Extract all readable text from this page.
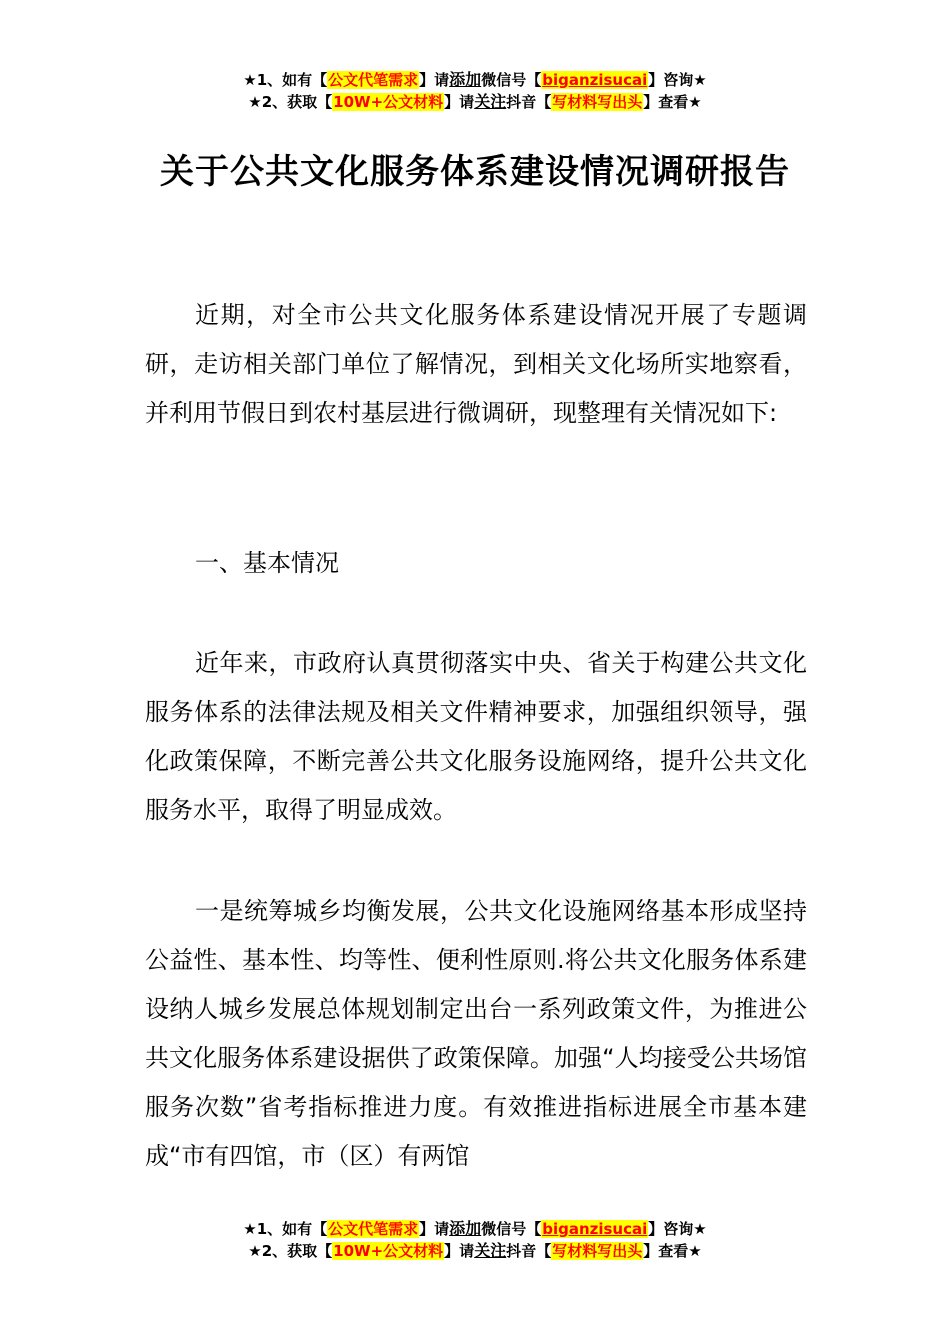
★1、如有【公文代笔需求】请添加微信号【biganzisucai】咨询★
★2、获取【10W+公文材料】请关注抖音【写材料写出头】查看★
关于公共文化服务体系建设情况调研报告

近期，对全市公共文化服务体系建设情况开展了专题调研，走访相关部门单位了解情况，到相关文化场所实地察看，并利用节假日到农村基层进行微调研，现整理有关情况如下:

一、基本情况

近年来，市政府认真贯彻落实中央、省关于构建公共文化服务体系的法律法规及相关文件精神要求，加强组织领导，强化政策保障，不断完善公共文化服务设施网络，提升公共文化服务水平，取得了明显成效。

一是统筹城乡均衡发展，公共文化设施网络基本形成坚持公益性、基本性、均等性、便利性原则.将公共文化服务体系建设纳人城乡发展总体规划制定出台一系列政策文件，为推进公共文化服务体系建设据供了政策保障。加强“人均接受公共场馆服务次数”省考指标推进力度。有效推进指标进展全市基本建成“市有四馆，市（区）有两馆

★1、如有【公文代笔需求】请添加微信号【biganzisucai】咨询★
★2、获取【10W+公文材料】请关注抖音【写材料写出头】查看★
